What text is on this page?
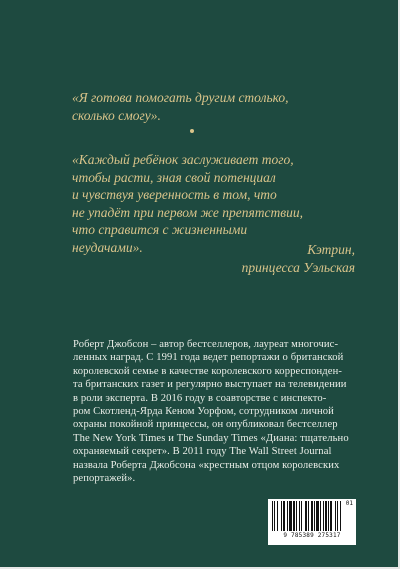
«Я готова помогать другим столько,

сколько смогу».

«Каждый ребёнок заслуживает того,

чтобы расти, зная свой потенциал

и чувствуя уверенность в том, что

не упадёт при первом же препятствии,

что справится с жизненными

неудачами».	Кэтрин,

принцесса Уэльская

Роберт Джобсон – автор бестселлеров, лауреат многочис-

ленных наград. С 1991 года ведет репортажи о британской

королевской семье в качестве королевского корреспонден-

та британских газет и регулярно выступает на телевидении

в роли эксперта. В 2016 году в соавторстве с инспекто-

ром Скотленд-Ярда Кеном Уорфом, сотрудником личной

охраны покойной принцессы, он опубликовал бестселлер

The New York Times и The Sunday Times «Диана: тщательно

охраняемый секрет». В 2011 году The Wall Street Journal

назвала Роберта Джобсона «крестным отцом королевских

репортажей».

01
9 785389 275317
